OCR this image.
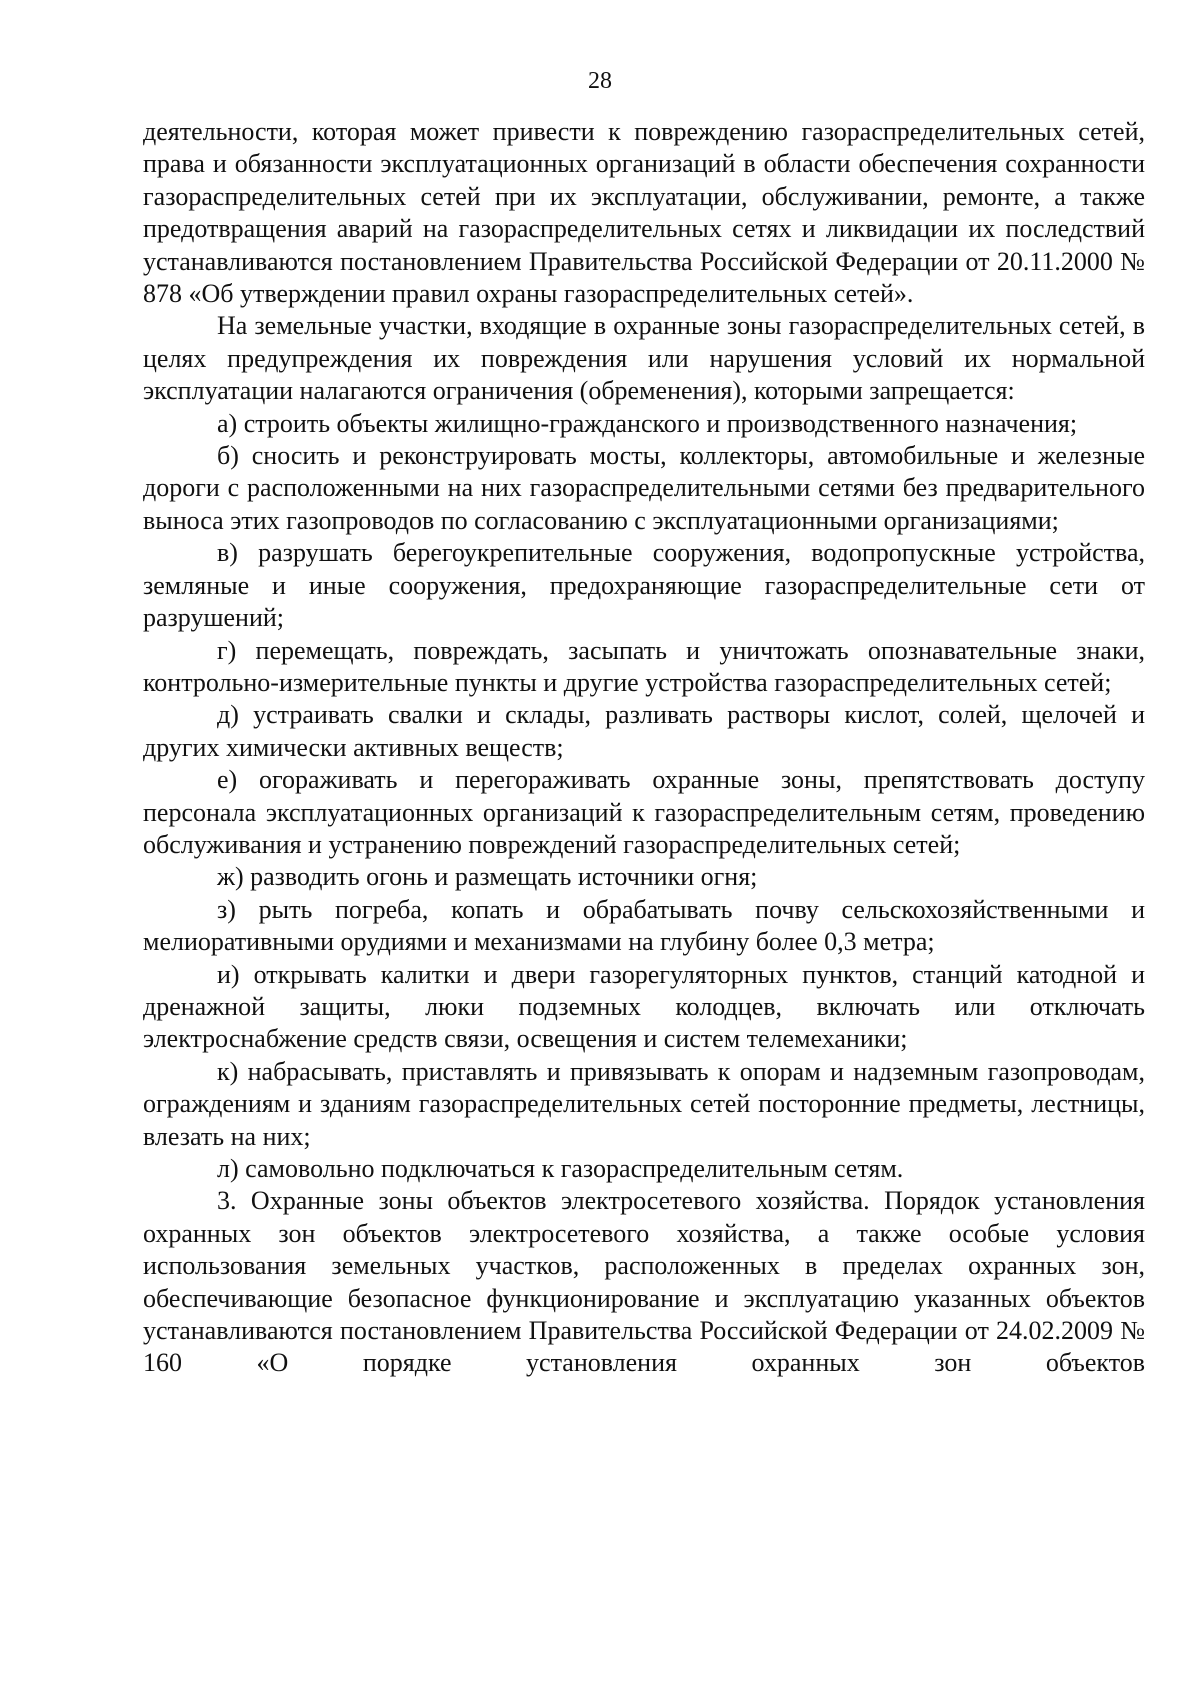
28

деятельности, которая может привести к повреждению газораспределительных сетей, права и обязанности эксплуатационных организаций в области обеспечения сохранности газораспределительных сетей при их эксплуатации, обслуживании, ремонте, а также предотвращения аварий на газораспределительных сетях и ликвидации их последствий устанавливаются постановлением Правительства Российской Федерации от 20.11.2000 № 878 «Об утверждении правил охраны газораспределительных сетей».

На земельные участки, входящие в охранные зоны газораспределительных сетей, в целях предупреждения их повреждения или нарушения условий их нормальной эксплуатации налагаются ограничения (обременения), которыми запрещается:

а) строить объекты жилищно-гражданского и производственного назначения;

б) сносить и реконструировать мосты, коллекторы, автомобильные и железные дороги с расположенными на них газораспределительными сетями без предварительного выноса этих газопроводов по согласованию с эксплуатационными организациями;

в) разрушать берегоукрепительные сооружения, водопропускные устройства, земляные и иные сооружения, предохраняющие газораспределительные сети от разрушений;

г) перемещать, повреждать, засыпать и уничтожать опознавательные знаки, контрольно-измерительные пункты и другие устройства газораспределительных сетей;

д) устраивать свалки и склады, разливать растворы кислот, солей, щелочей и других химически активных веществ;

е) огораживать и перегораживать охранные зоны, препятствовать доступу персонала эксплуатационных организаций к газораспределительным сетям, проведению обслуживания и устранению повреждений газораспределительных сетей;

ж) разводить огонь и размещать источники огня;

з) рыть погреба, копать и обрабатывать почву сельскохозяйственными и мелиоративными орудиями и механизмами на глубину более 0,3 метра;

и) открывать калитки и двери газорегуляторных пунктов, станций катодной и дренажной защиты, люки подземных колодцев, включать или отключать электроснабжение средств связи, освещения и систем телемеханики;

к) набрасывать, приставлять и привязывать к опорам и надземным газопроводам, ограждениям и зданиям газораспределительных сетей посторонние предметы, лестницы, влезать на них;

л) самовольно подключаться к газораспределительным сетям.

3. Охранные зоны объектов электросетевого хозяйства. Порядок установления охранных зон объектов электросетевого хозяйства, а также особые условия использования земельных участков, расположенных в пределах охранных зон, обеспечивающие безопасное функционирование и эксплуатацию указанных объектов устанавливаются постановлением Правительства Российской Федерации от 24.02.2009 № 160 «О порядке установления охранных зон объектов
